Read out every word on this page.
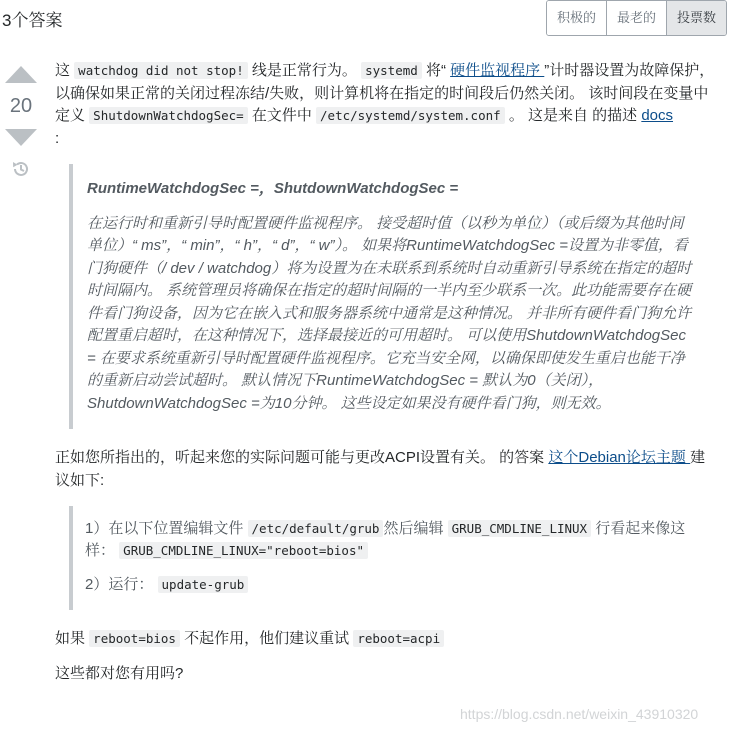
3个答案	积极的	最老的	投票数
20

这 watchdog did not stop! 线是正常行为。 systemd 将“ 硬件监视程序 ”计时器设置为故障保护，以确保如果正常的关闭过程冻结/失败，则计算机将在指定的时间段后仍然关闭。 该时间段在变量中定义 ShutdownWatchdogSec= 在文件中 /etc/systemd/system.conf 。 这是来自 的描述 docs
:

RuntimeWatchdogSec =，ShutdownWatchdogSec =

在运行时和重新引导时配置硬件监视程序。 接受超时值（以秒为单位）（或后缀为其他时间单位）“ ms”，“ min”，“ h”，“ d”，“ w”）。 如果将RuntimeWatchdogSec =设置为非零值，看门狗硬件（/ dev / watchdog）将为设置为在未联系到系统时自动重新引导系统在指定的超时时间隔内。 系统管理员将确保在指定的超时间隔的一半内至少联系一次。此功能需要存在硬件看门狗设备，因为它在嵌入式和服务器系统中通常是这种情况。 并非所有硬件看门狗允许配置重启超时，在这种情况下，选择最接近的可用超时。 可以使用ShutdownWatchdogSec = 在要求系统重新引导时配置硬件监视程序。它充当安全网，以确保即使发生重启也能干净的重新启动尝试超时。 默认情况下RuntimeWatchdogSec = 默认为0（关闭），ShutdownWatchdogSec =为10分钟。 这些设定如果没有硬件看门狗，则无效。

正如您所指出的，听起来您的实际问题可能与更改ACPI设置有关。 的答案 这个Debian论坛主题 建议如下:

1）在以下位置编辑文件 /etc/default/grub 然后编辑 GRUB_CMDLINE_LINUX 行看起来像这样： GRUB_CMDLINE_LINUX="reboot=bios"

2）运行： update-grub

如果 reboot=bios 不起作用，他们建议重试 reboot=acpi

这些都对您有用吗?

https://blog.csdn.net/weixin_43910320
